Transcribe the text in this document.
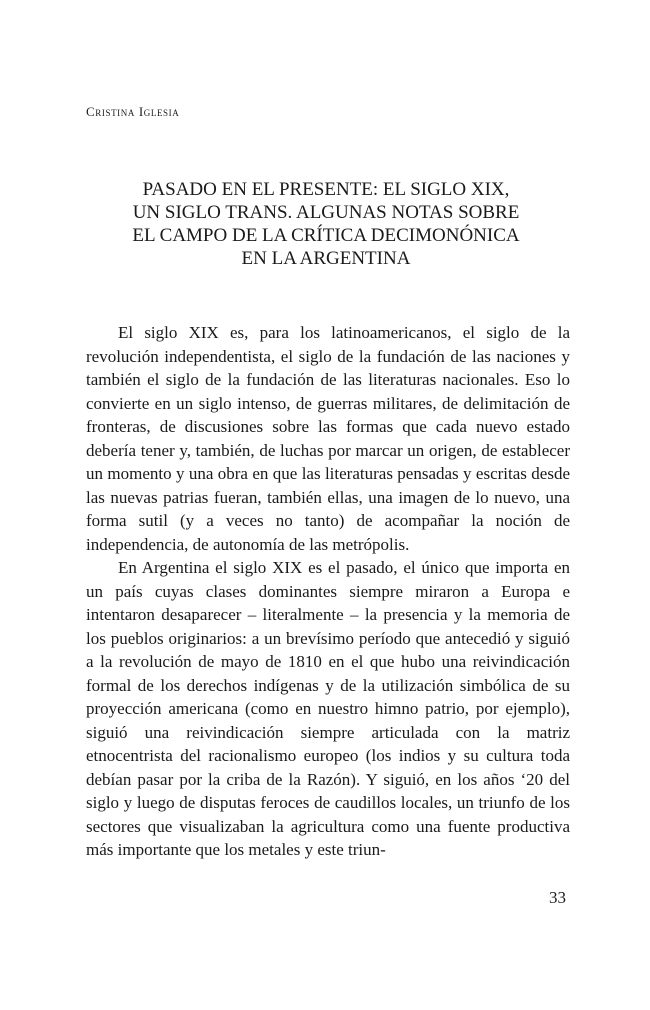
Cristina Iglesia
PASADO EN EL PRESENTE: EL SIGLO XIX,
UN SIGLO TRANS. ALGUNAS NOTAS SOBRE
EL CAMPO DE LA CRÍTICA DECIMONÓNICA
EN LA ARGENTINA

El siglo XIX es, para los latinoamericanos, el siglo de la revolución independentista, el siglo de la fundación de las naciones y también el siglo de la fundación de las literaturas nacionales. Eso lo convierte en un siglo intenso, de guerras militares, de delimitación de fronteras, de discusiones sobre las formas que cada nuevo estado debería tener y, también, de luchas por marcar un origen, de establecer un momento y una obra en que las literaturas pensadas y escritas desde las nuevas patrias fueran, también ellas, una imagen de lo nuevo, una forma sutil (y a veces no tanto) de acompañar la noción de independencia, de autonomía de las metrópolis.

En Argentina el siglo XIX es el pasado, el único que importa en un país cuyas clases dominantes siempre miraron a Europa e intentaron desaparecer – literalmente – la presencia y la memoria de los pueblos originarios: a un brevísimo período que antecedió y siguió a la revolución de mayo de 1810 en el que hubo una reivindicación formal de los derechos indígenas y de la utilización simbólica de su proyección americana (como en nuestro himno patrio, por ejemplo), siguió una reivindicación siempre articulada con la matriz etnocentrista del racionalismo europeo (los indios y su cultura toda debían pasar por la criba de la Razón). Y siguió, en los años ‘20 del siglo y luego de disputas feroces de caudillos locales, un triunfo de los sectores que visualizaban la agricultura como una fuente productiva más importante que los metales y este triun-

33
